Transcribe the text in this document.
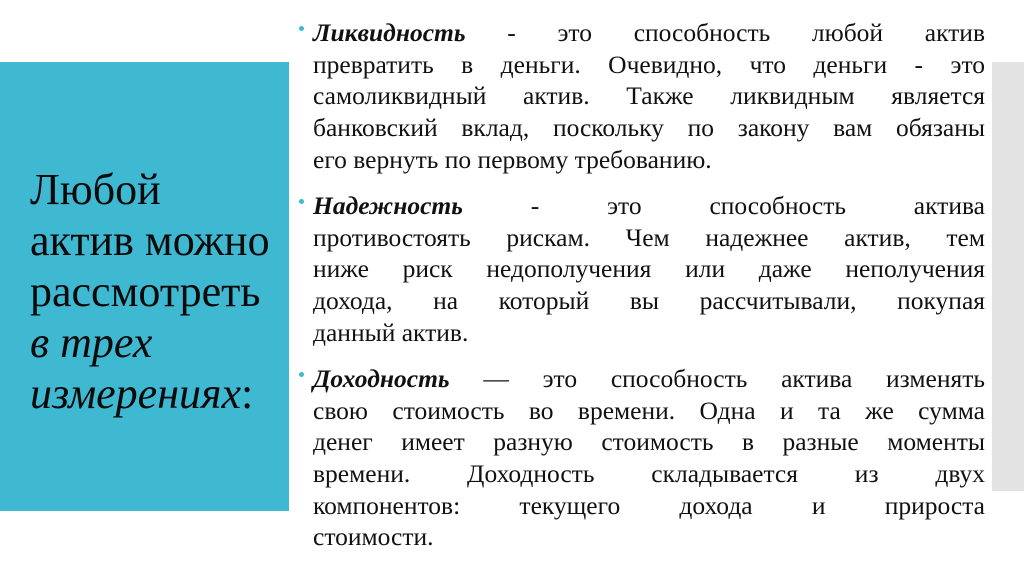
Любой
актив можно
рассмотреть
в трех
измерениях:
Ликвидность - это способность любой актив
превратить в деньги. Очевидно, что деньги - это
самоликвидный актив. Также ликвидным является
банковский вклад, поскольку по закону вам обязаны
его вернуть по первому требованию.
Надежность - это способность актива
противостоять рискам. Чем надежнее актив, тем
ниже риск недополучения или даже неполучения
дохода, на который вы рассчитывали, покупая
данный актив.
Доходность — это способность актива изменять
свою стоимость во времени. Одна и та же сумма
денег имеет разную стоимость в разные моменты
времени. Доходность складывается из двух
компонентов: текущего дохода и прироста
стоимости.
